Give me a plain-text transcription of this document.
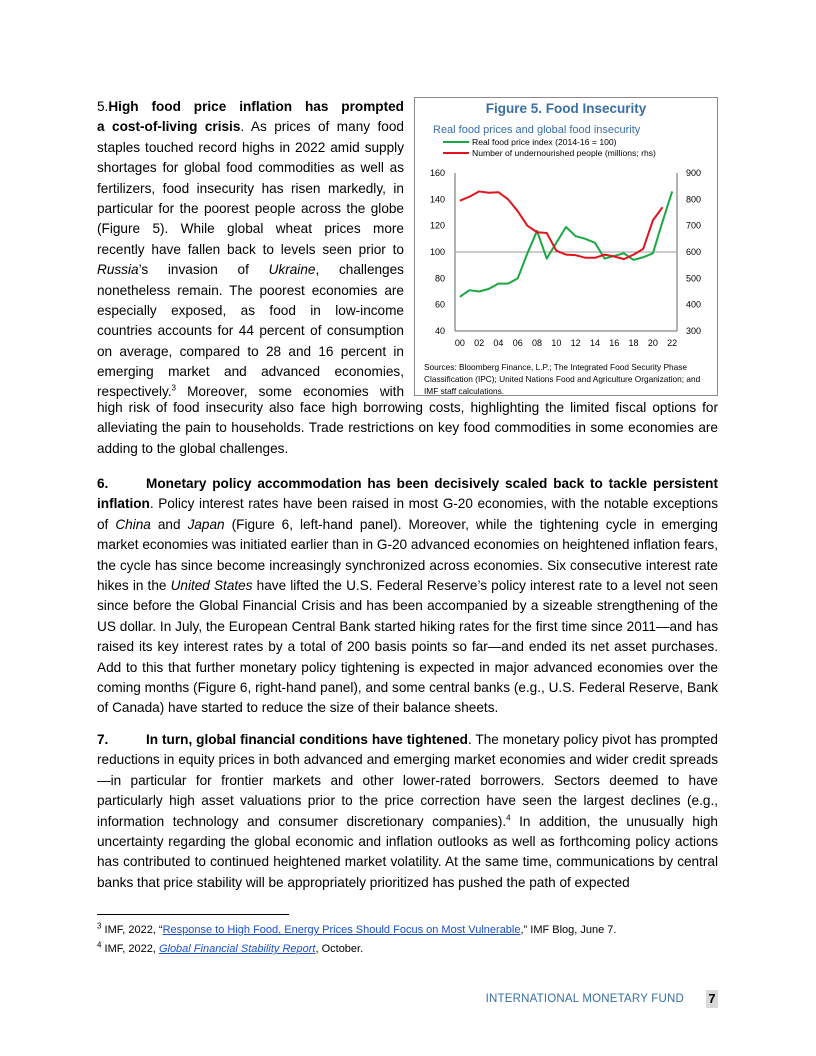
5.High food price inflation has prompted
a cost-of-living crisis. As prices of many food
staples touched record highs in 2022 amid supply
shortages for global food commodities as well as
fertilizers, food insecurity has risen markedly, in
particular for the poorest people across the globe
(Figure 5). While global wheat prices more
recently have fallen back to levels seen prior to
Russia’s invasion of Ukraine, challenges
nonetheless remain. The poorest economies are
especially exposed, as food in low-income
countries accounts for 44 percent of consumption
on average, compared to 28 and 16 percent in
emerging market and advanced economies,
respectively.$^3$ Moreover, some economies with

high risk of food insecurity also face high borrowing costs, highlighting the limited fiscal options for alleviating the pain to households. Trade restrictions on key food commodities in some economies are adding to the global challenges.

Figure 5. Food Insecurity
Real food prices and global food insecurity
40
60
80
100
120
140
160
300
400
500
600
700
800
900
00 02 04 06 08 10 12 14 16 18 20 22
Real food price index (2014-16 = 100)
Number of undernourished people (millions; rhs)
Sources: Bloomberg Finance, L.P.; The Integrated Food Security Phase Classification (IPC); United Nations Food and Agriculture Organization; and IMF staff calculations.

6.	Monetary policy accommodation has been decisively scaled back to tackle persistent inflation. Policy interest rates have been raised in most G-20 economies, with the notable exceptions of China and Japan (Figure 6, left-hand panel). Moreover, while the tightening cycle in emerging market economies was initiated earlier than in G-20 advanced economies on heightened inflation fears, the cycle has since become increasingly synchronized across economies. Six consecutive interest rate hikes in the United States have lifted the U.S. Federal Reserve’s policy interest rate to a level not seen since before the Global Financial Crisis and has been accompanied by a sizeable strengthening of the US dollar. In July, the European Central Bank started hiking rates for the first time since 2011—and has raised its key interest rates by a total of 200 basis points so far—and ended its net asset purchases. Add to this that further monetary policy tightening is expected in major advanced economies over the coming months (Figure 6, right-hand panel), and some central banks (e.g., U.S. Federal Reserve, Bank of Canada) have started to reduce the size of their balance sheets.

7.	In turn, global financial conditions have tightened. The monetary policy pivot has prompted reductions in equity prices in both advanced and emerging market economies and wider credit spreads—in particular for frontier markets and other lower-rated borrowers. Sectors deemed to have particularly high asset valuations prior to the price correction have seen the largest declines (e.g., information technology and consumer discretionary companies).$^4$ In addition, the unusually high uncertainty regarding the global economic and inflation outlooks as well as forthcoming policy actions has contributed to continued heightened market volatility. At the same time, communications by central banks that price stability will be appropriately prioritized has pushed the path of expected

$^3$ IMF, 2022, “Response to High Food, Energy Prices Should Focus on Most Vulnerable,” IMF Blog, June 7.
$^4$ IMF, 2022, Global Financial Stability Report, October.
INTERNATIONAL MONETARY FUND 7
